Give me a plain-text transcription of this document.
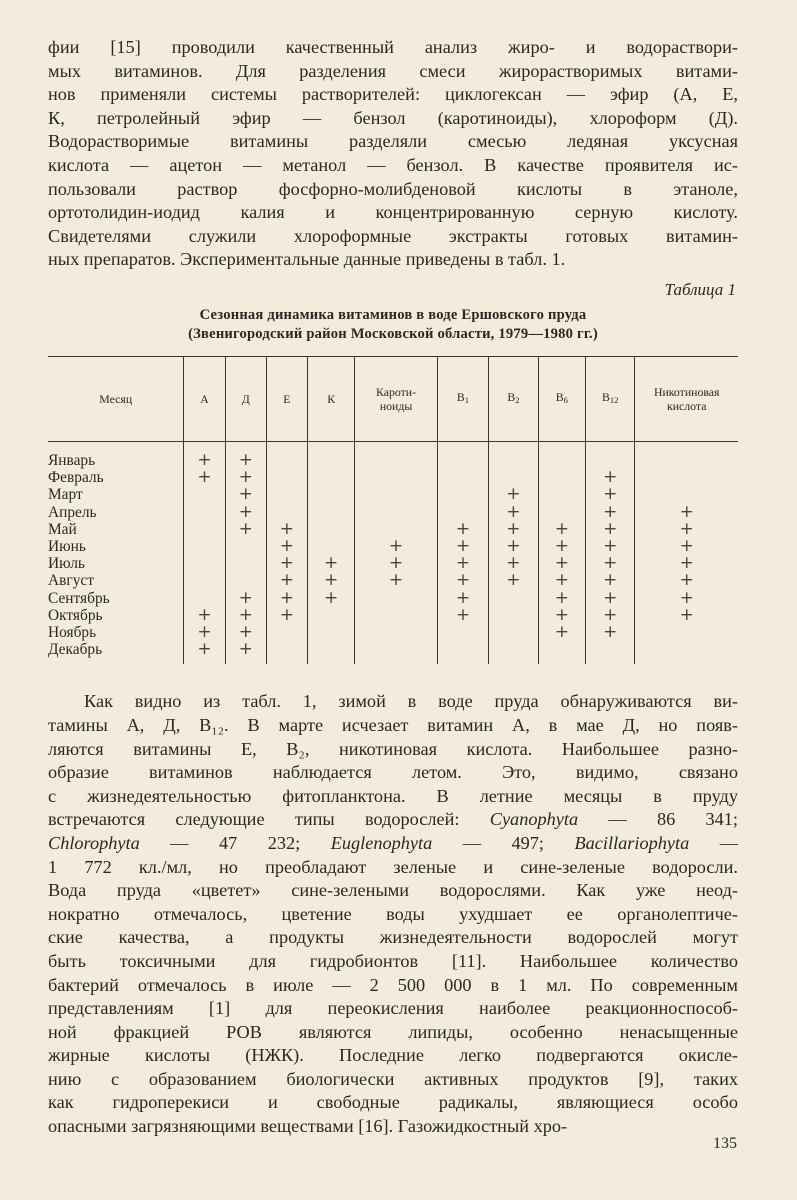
фии [15] проводили качественный анализ жиро- и водораствори-
мых витаминов. Для разделения смеси жирорастворимых витами-
нов применяли системы растворителей: циклогексан — эфир (А, Е,
К, петролейный эфир — бензол (каротиноиды), хлороформ (Д).
Водорастворимые витамины разделяли смесью ледяная уксусная
кислота — ацетон — метанол — бензол. В качестве проявителя ис-
пользовали раствор фосфорно-молибденовой кислоты в этаноле,
ортотолидин-иодид калия и концентрированную серную кислоту.
Свидетелями служили хлороформные экстракты готовых витамин-
ных препаратов. Экспериментальные данные приведены в табл. 1.

Таблица 1
Сезонная динамика витаминов в воде Ершовского пруда
(Звенигородский район Московской области, 1979—1980 гг.)
Месяц	А	Д	Е	К	Кароти-
ноиды	$B_1$	$B_2$	$B_6$	$B_{12}$	Никотиновая
кислота
Январь	+	+								
Февраль	+	+							+	
Март		+					+		+	
Апрель		+					+		+	+
Май		+	+			+	+	+	+	+
Июнь			+		+	+	+	+	+	+
Июль			+	+	+	+	+	+	+	+
Август			+	+	+	+	+	+	+	+
Сентябрь		+	+	+		+		+	+	+
Октябрь	+	+	+			+		+	+	+
Ноябрь	+	+						+	+	
Декабрь	+	+								

Как видно из табл. 1, зимой в воде пруда обнаруживаются ви-
тамины А, Д, B₁₂. В марте исчезает витамин А, в мае Д, но появ-
ляются витамины Е, B₂, никотиновая кислота. Наибольшее разно-
образие витаминов наблюдается летом. Это, видимо, связано
с жизнедеятельностью фитопланктона. В летние месяцы в пруду
встречаются следующие типы водорослей: Cyanophyta — 86 341;
Chlorophyta — 47 232; Euglenophyta — 497; Bacillariophyta —
1 772 кл./мл, но преобладают зеленые и сине-зеленые водоросли.
Вода пруда «цветет» сине-зелеными водорослями. Как уже неод-
нократно отмечалось, цветение воды ухудшает ее органолептиче-
ские качества, а продукты жизнедеятельности водорослей могут
быть токсичными для гидробионтов [11]. Наибольшее количество
бактерий отмечалось в июле — 2 500 000 в 1 мл. По современным
представлениям [1] для переокисления наиболее реакционноспособ-
ной фракцией РОВ являются липиды, особенно ненасыщенные
жирные кислоты (НЖК). Последние легко подвергаются окисле-
нию с образованием биологически активных продуктов [9], таких
как гидроперекиси и свободные радикалы, являющиеся особо
опасными загрязняющими веществами [16]. Газожидкостный хро-

135
